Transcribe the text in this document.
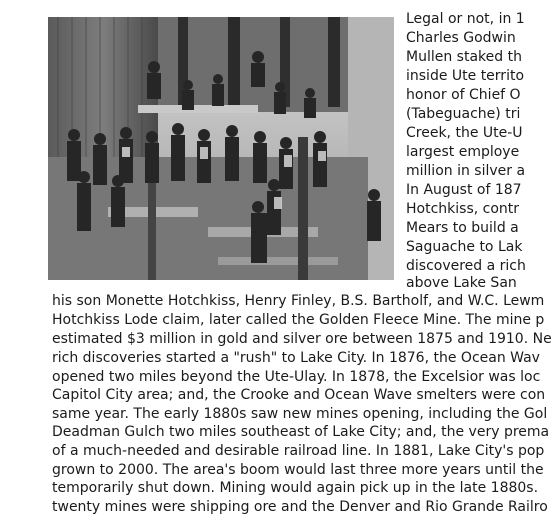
Legal or not, in 1
Charles Godwin
Mullen staked th
inside Ute territo
honor of Chief O
(Tabeguache) tri
Creek, the Ute-U
largest employe
million in silver a
In August of 187
Hotchkiss, contr
Mears to build a
Saguache to Lak
discovered a rich
above Lake San
his son Monette Hotchkiss, Henry Finley, B.S. Bartholf, and W.C. Lewm
Hotchkiss Lode claim, later called the Golden Fleece Mine. The mine p
estimated $3 million in gold and silver ore between 1875 and 1910. Ne
rich discoveries started a "rush" to Lake City. In 1876, the Ocean Wav
opened two miles beyond the Ute-Ulay. In 1878, the Excelsior was loc
Capitol City area; and, the Crooke and Ocean Wave smelters were con
same year. The early 1880s saw new mines opening, including the Gol
Deadman Gulch two miles southeast of Lake City; and, the very prema
of a much-needed and desirable railroad line. In 1881, Lake City's pop
grown to 2000. The area's boom would last three more years until the
temporarily shut down. Mining would again pick up in the late 1880s.
twenty mines were shipping ore and the Denver and Rio Grande Railro
